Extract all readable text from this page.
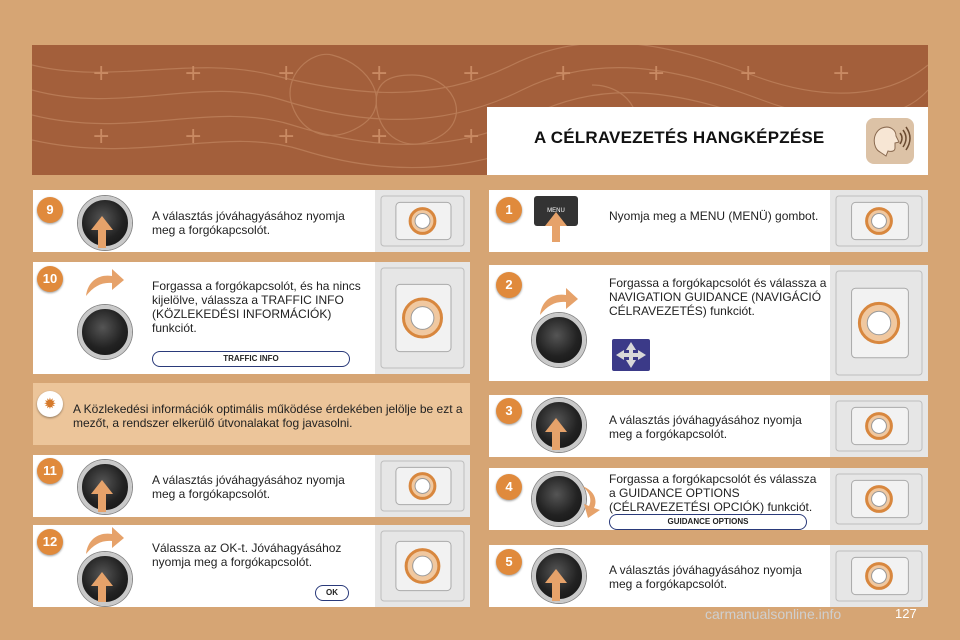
+	+	+	+	+	+	+	+	+
+	+	+	+	+	A CÉLRAVEZETÉS HANGKÉPZÉSE
9	A választás jóváhagyásához nyomja meg a forgókapcsolót.
10	Forgassa a forgókapcsolót, és ha nincs kijelölve, válassza a TRAFFIC INFO (KÖZLEKEDÉSI INFORMÁCIÓK) funkciót.
TRAFFIC INFO
✹	A Közlekedési információk optimális működése érdekében jelölje be ezt a mezőt, a rendszer elkerülő útvonalakat fog javasolni.
11
A választás jóváhagyásához nyomja meg a forgókapcsolót.
12	Válassza az OK-t. Jóváhagyásához nyomja meg a forgókapcsolót.
OK
1	MENU	Nyomja meg a MENU (MENÜ) gombot.
2	Forgassa a forgókapcsolót és válassza a NAVIGATION GUIDANCE (NAVIGÁCIÓ CÉLRAVEZETÉS) funkciót.
3
A választás jóváhagyásához nyomja meg a forgókapcsolót.
4	Forgassa a forgókapcsolót és válassza a GUIDANCE OPTIONS (CÉLRAVEZETÉSI OPCIÓK) funkciót.
GUIDANCE OPTIONS
5
A választás jóváhagyásához nyomja meg a forgókapcsolót.
carmanualsonline.info	127
